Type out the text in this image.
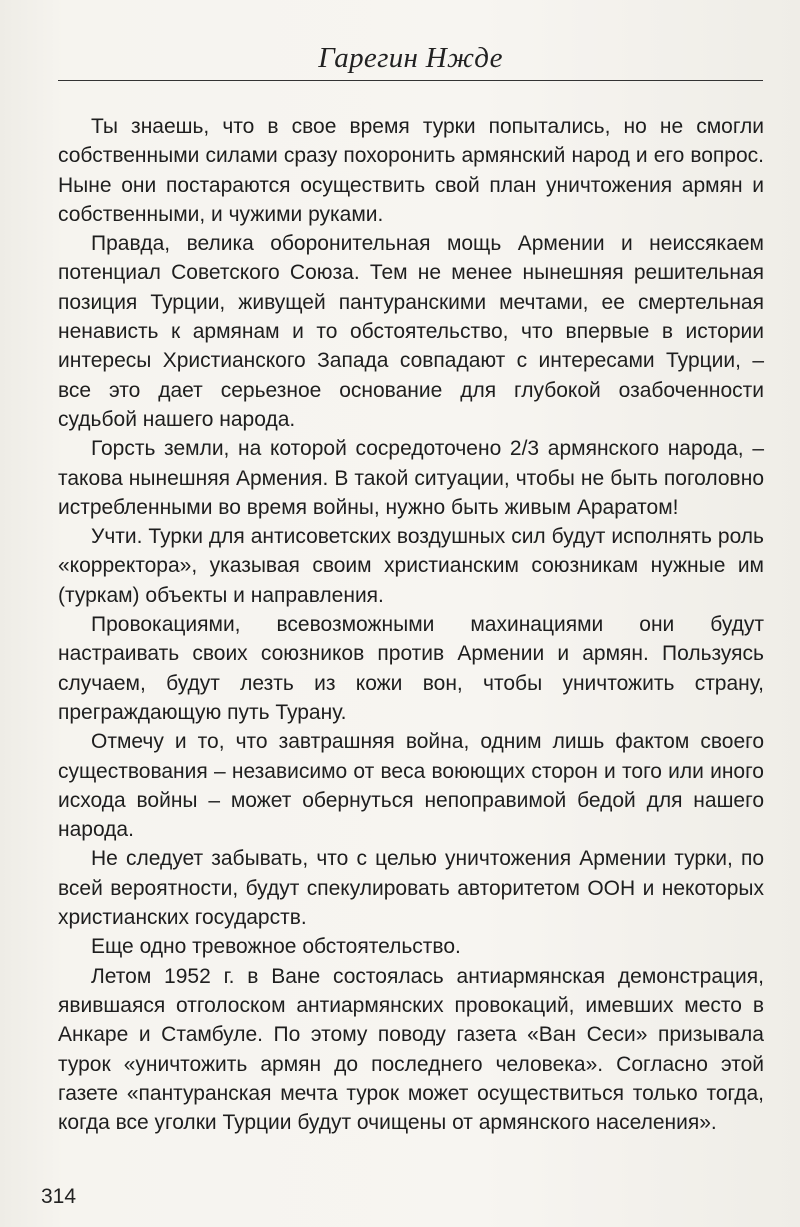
Гарегин Нжде

Ты знаешь, что в свое время турки попытались, но не смогли собственными силами сразу похоронить армянский народ и его вопрос. Ныне они постараются осуществить свой план уничтожения армян и собственными, и чужими руками.

Правда, велика оборонительная мощь Армении и неиссякаем потенциал Советского Союза. Тем не менее нынешняя решительная позиция Турции, живущей пантуранскими мечтами, ее смертельная ненависть к армянам и то обстоятельство, что впервые в истории интересы Христианского Запада совпадают с интересами Турции, – все это дает серьезное основание для глубокой озабоченности судьбой нашего народа.

Горсть земли, на которой сосредоточено 2/3 армянского народа, – такова нынешняя Армения. В такой ситуации, чтобы не быть поголовно истребленными во время войны, нужно быть живым Араратом!

Учти. Турки для антисоветских воздушных сил будут исполнять роль «корректора», указывая своим христианским союзникам нужные им (туркам) объекты и направления.

Провокациями, всевозможными махинациями они будут настраивать своих союзников против Армении и армян. Пользуясь случаем, будут лезть из кожи вон, чтобы уничтожить страну, преграждающую путь Турану.

Отмечу и то, что завтрашняя война, одним лишь фактом своего существования – независимо от веса воюющих сторон и того или иного исхода войны – может обернуться непоправимой бедой для нашего народа.

Не следует забывать, что с целью уничтожения Армении турки, по всей вероятности, будут спекулировать авторитетом ООН и некоторых христианских государств.

Еще одно тревожное обстоятельство.

Летом 1952 г. в Ване состоялась антиармянская демонстрация, явившаяся отголоском антиармянских провокаций, имевших место в Анкаре и Стамбуле. По этому поводу газета «Ван Сеси» призывала турок «уничтожить армян до последнего человека». Согласно этой газете «пантуранская мечта турок может осуществиться только тогда, когда все уголки Турции будут очищены от армянского населения».

314
